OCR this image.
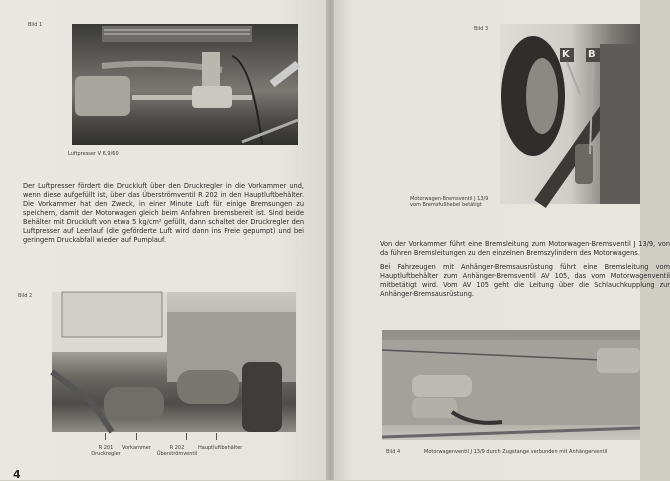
Bild 1
Luftpresser V 6,9/60
Der Luftpresser fördert die Druckluft über den Druckregler in die Vorkammer und, wenn diese aufgefüllt ist, über das Überströmventil R 202 in den Hauptluftbehälter. Die Vorkammer hat den Zweck, in einer Minute Luft für einige Bremsungen zu speichern, damit der Motorwagen gleich beim Anfahren bremsbereit ist. Sind beide Behälter mit Druckluft von etwa 5 kg/cm² gefüllt, dann schaltet der Druckregler den Luftpresser auf Leerlauf (die geförderte Luft wird dann ins Freie gepumpt) und bei geringem Druckabfall wieder auf Pumplauf.
Bild 2
R 201
Druckregler
Vorkammer	R 202
Überströmventil
Hauptluftbehälter
4
Bild 3
K B
Motorwagen-Bremsventil J 13/9
vom Bremsfußhebel betätigt

Von der Vorkammer führt eine Bremsleitung zum Motorwagen-Bremsventil J 13/9, von da führen Bremsleitungen zu den einzelnen Bremszylindern des Motorwagens.

Bei Fahrzeugen mit Anhänger-Bremsausrüstung führt eine Bremsleitung vom Hauptluftbehälter zum Anhänger-Bremsventil AV 105, das vom Motorwagenventil mitbetätigt wird. Vom AV 105 geht die Leitung über die Schlauchkupplung zur Anhänger-Bremsausrüstung.

Bild 4	Motorwagenventil J 13/9 durch Zugstange verbunden mit Anhängerventil
